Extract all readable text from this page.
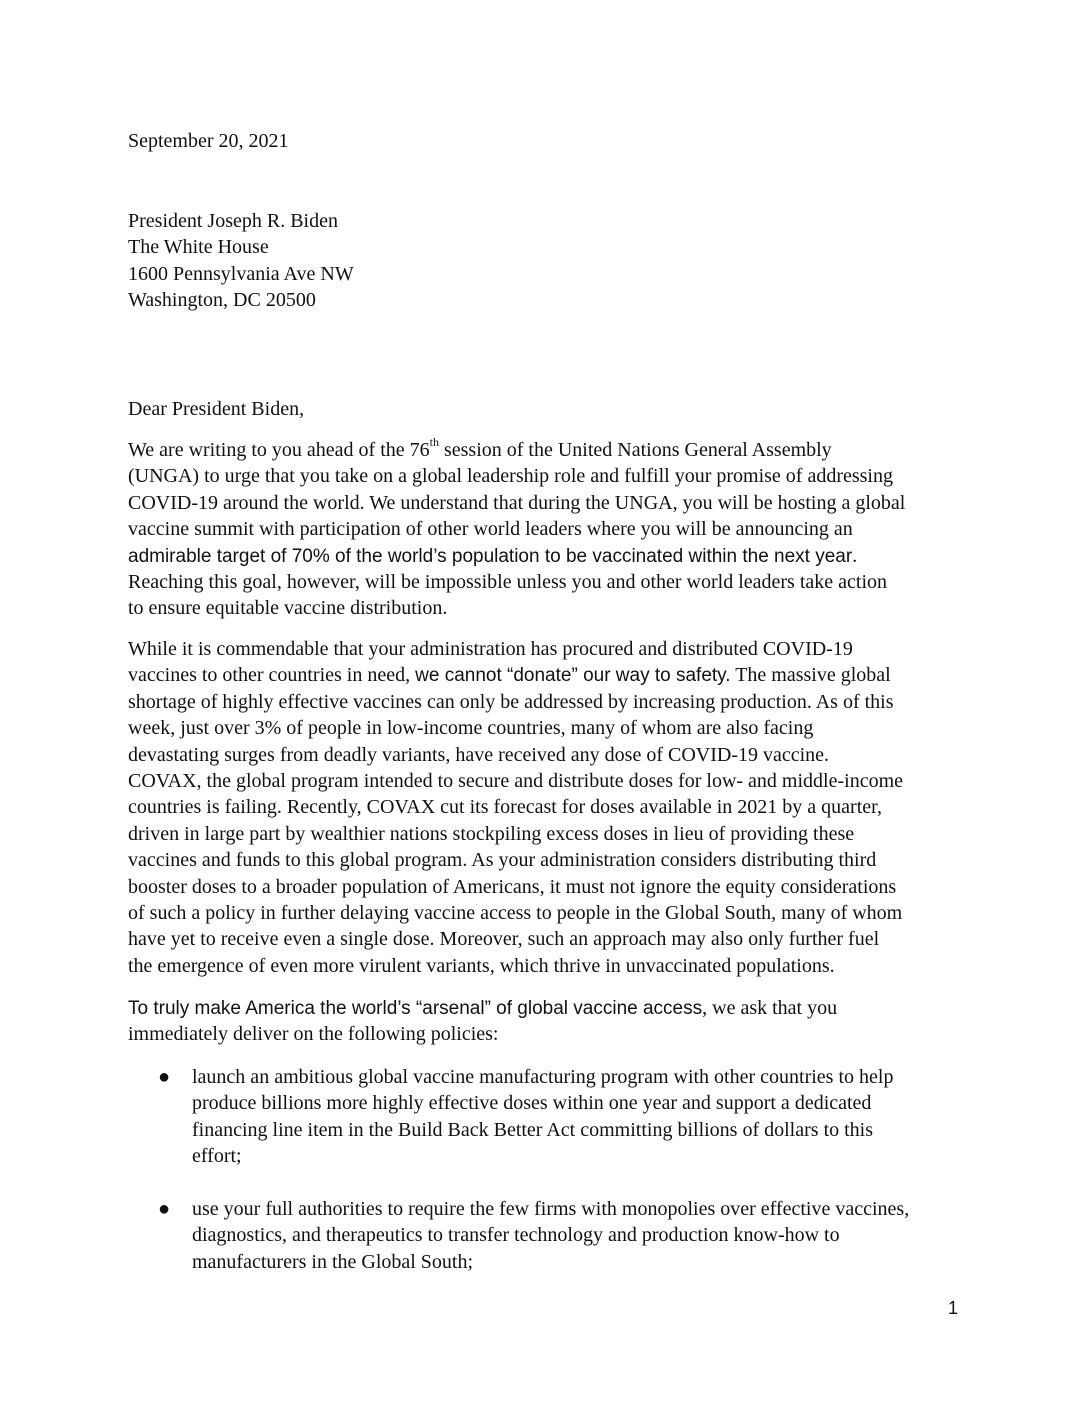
September 20, 2021
President Joseph R. Biden
The White House
1600 Pennsylvania Ave NW
Washington, DC 20500
Dear President Biden,
We are writing to you ahead of the 76th session of the United Nations General Assembly
(UNGA) to urge that you take on a global leadership role and fulfill your promise of addressing
COVID-19 around the world. We understand that during the UNGA, you will be hosting a global
vaccine summit with participation of other world leaders where you will be announcing an
admirable target of 70% of the world’s population to be vaccinated within the next year.
Reaching this goal, however, will be impossible unless you and other world leaders take action
to ensure equitable vaccine distribution.
While it is commendable that your administration has procured and distributed COVID-19
vaccines to other countries in need, we cannot “donate” our way to safety. The massive global
shortage of highly effective vaccines can only be addressed by increasing production. As of this
week, just over 3% of people in low-income countries, many of whom are also facing
devastating surges from deadly variants, have received any dose of COVID-19 vaccine.
COVAX, the global program intended to secure and distribute doses for low- and middle-income
countries is failing. Recently, COVAX cut its forecast for doses available in 2021 by a quarter,
driven in large part by wealthier nations stockpiling excess doses in lieu of providing these
vaccines and funds to this global program. As your administration considers distributing third
booster doses to a broader population of Americans, it must not ignore the equity considerations
of such a policy in further delaying vaccine access to people in the Global South, many of whom
have yet to receive even a single dose. Moreover, such an approach may also only further fuel
the emergence of even more virulent variants, which thrive in unvaccinated populations.
To truly make America the world’s “arsenal” of global vaccine access, we ask that you
immediately deliver on the following policies:
● launch an ambitious global vaccine manufacturing program with other countries to help
produce billions more highly effective doses within one year and support a dedicated
financing line item in the Build Back Better Act committing billions of dollars to this
effort;
● use your full authorities to require the few firms with monopolies over effective vaccines,
diagnostics, and therapeutics to transfer technology and production know-how to
manufacturers in the Global South;
1
